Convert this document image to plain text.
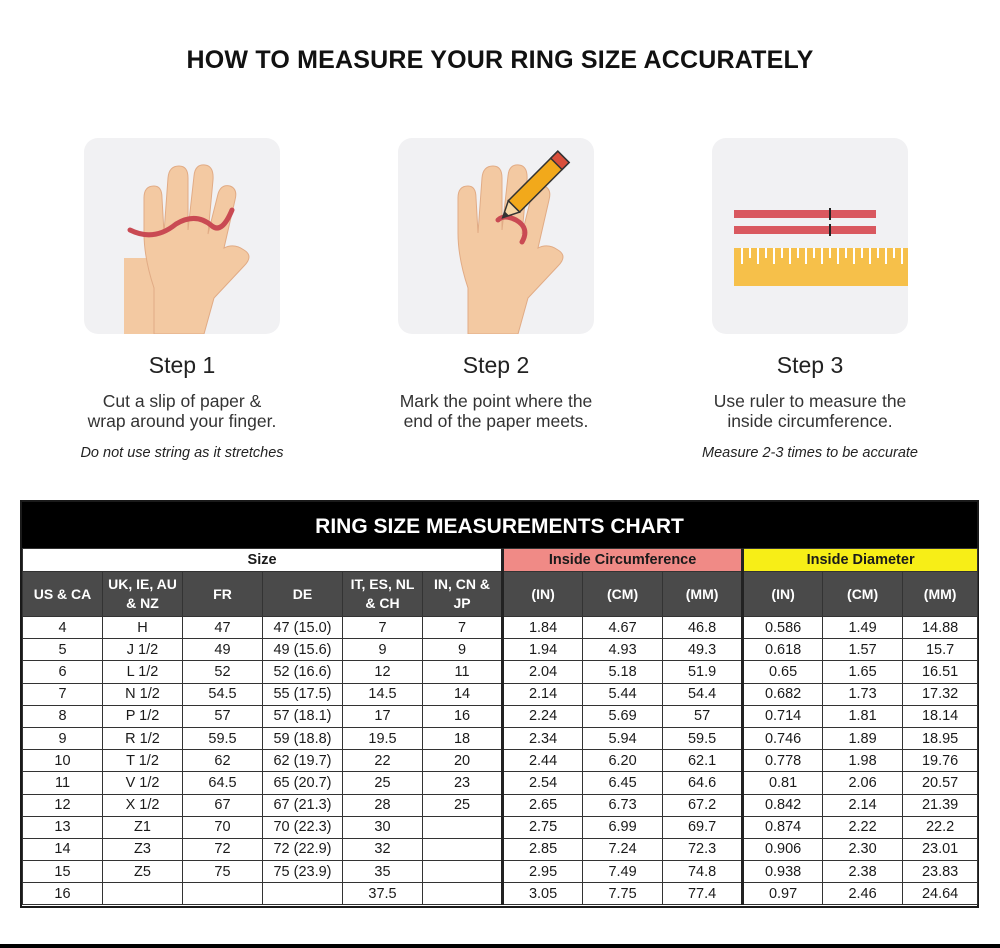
HOW TO MEASURE YOUR RING SIZE ACCURATELY
Step 1
Cut a slip of paper &
wrap around your finger.
Do not use string as it stretches
Step 2
Mark the point where the
end of the paper meets.
Step 3
Use ruler to measure the
inside circumference.
Measure 2-3 times to be accurate
RING SIZE MEASUREMENTS CHART
Size						Inside Circumference			Inside Diameter		
US & CA	UK, IE, AU
& NZ	FR	DE	IT, ES, NL
& CH	IN, CN &
JP	(IN)	(CM)	(MM)	(IN)	(CM)	(MM)
4	H	47	47 (15.0)	7	7	1.84	4.67	46.8	0.586	1.49	14.88
5	J 1/2	49	49 (15.6)	9	9	1.94	4.93	49.3	0.618	1.57	15.7
6	L 1/2	52	52 (16.6)	12	11	2.04	5.18	51.9	0.65	1.65	16.51
7	N 1/2	54.5	55 (17.5)	14.5	14	2.14	5.44	54.4	0.682	1.73	17.32
8	P 1/2	57	57 (18.1)	17	16	2.24	5.69	57	0.714	1.81	18.14
9	R 1/2	59.5	59 (18.8)	19.5	18	2.34	5.94	59.5	0.746	1.89	18.95
10	T 1/2	62	62 (19.7)	22	20	2.44	6.20	62.1	0.778	1.98	19.76
11	V 1/2	64.5	65 (20.7)	25	23	2.54	6.45	64.6	0.81	2.06	20.57
12	X 1/2	67	67 (21.3)	28	25	2.65	6.73	67.2	0.842	2.14	21.39
13	Z1	70	70 (22.3)	30		2.75	6.99	69.7	0.874	2.22	22.2
14	Z3	72	72 (22.9)	32		2.85	7.24	72.3	0.906	2.30	23.01
15	Z5	75	75 (23.9)	35		2.95	7.49	74.8	0.938	2.38	23.83
16				37.5		3.05	7.75	77.4	0.97	2.46	24.64
